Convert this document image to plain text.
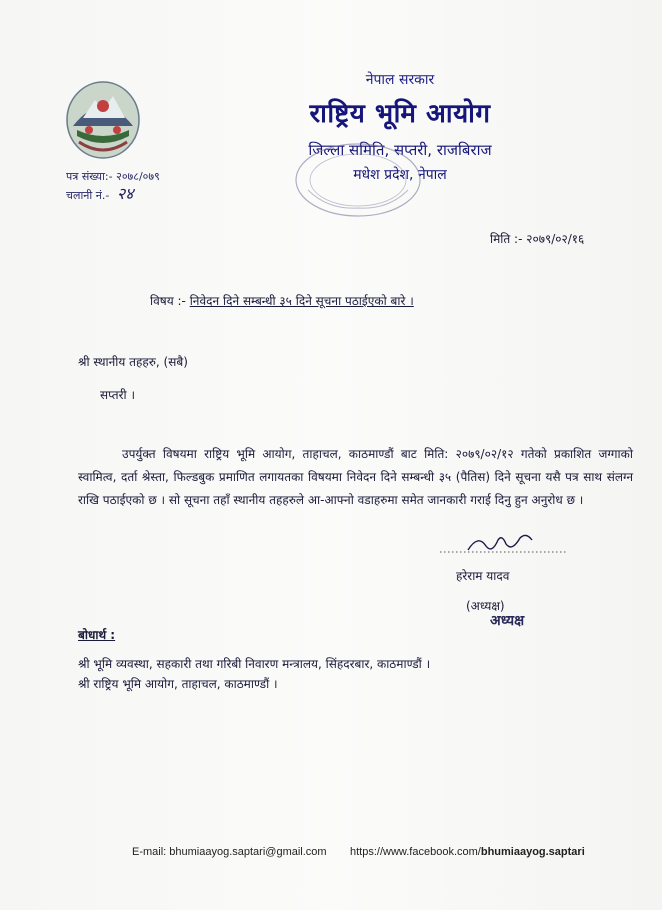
नेपाल सरकार
राष्ट्रिय भूमि आयोग
जिल्ला समिति, सप्तरी, राजबिराज
मधेश प्रदेश, नेपाल
पत्र संख्या:- २०७८/०७९
चलानी नं.- २४
मिति :- २०७९/०२/१६
विषय :- निवेदन दिने सम्बन्धी ३५ दिने सूचना पठाईएको बारे ।
श्री स्थानीय तहहरु, (सबै)
सप्तरी ।
उपर्युक्त विषयमा राष्ट्रिय भूमि आयोग, ताहाचल, काठमाण्डौं बाट मिति: २०७९/०२/१२ गतेको प्रकाशित जग्गाको स्वामित्व, दर्ता श्रेस्ता, फिल्डबुक प्रमाणित लगायतका विषयमा निवेदन दिने सम्बन्धी ३५ (पैतिस) दिने सूचना यसै पत्र साथ संलग्न राखि पठाईएको छ । सो सूचना तहाँ स्थानीय तहहरुले आ-आफ्नो वडाहरुमा समेत जानकारी गराई दिनु हुन अनुरोध छ ।
हरेराम यादव
(अध्यक्ष)
अध्यक्ष
बोधार्थ :
श्री भूमि व्यवस्था, सहकारी तथा गरिबी निवारण मन्त्रालय, सिंहदरबार, काठमाण्डौं ।
श्री राष्ट्रिय भूमि आयोग, ताहाचल, काठमाण्डौं ।
E-mail: bhumiaayog.saptari@gmail.com https://www.facebook.com/bhumiaayog.saptari
